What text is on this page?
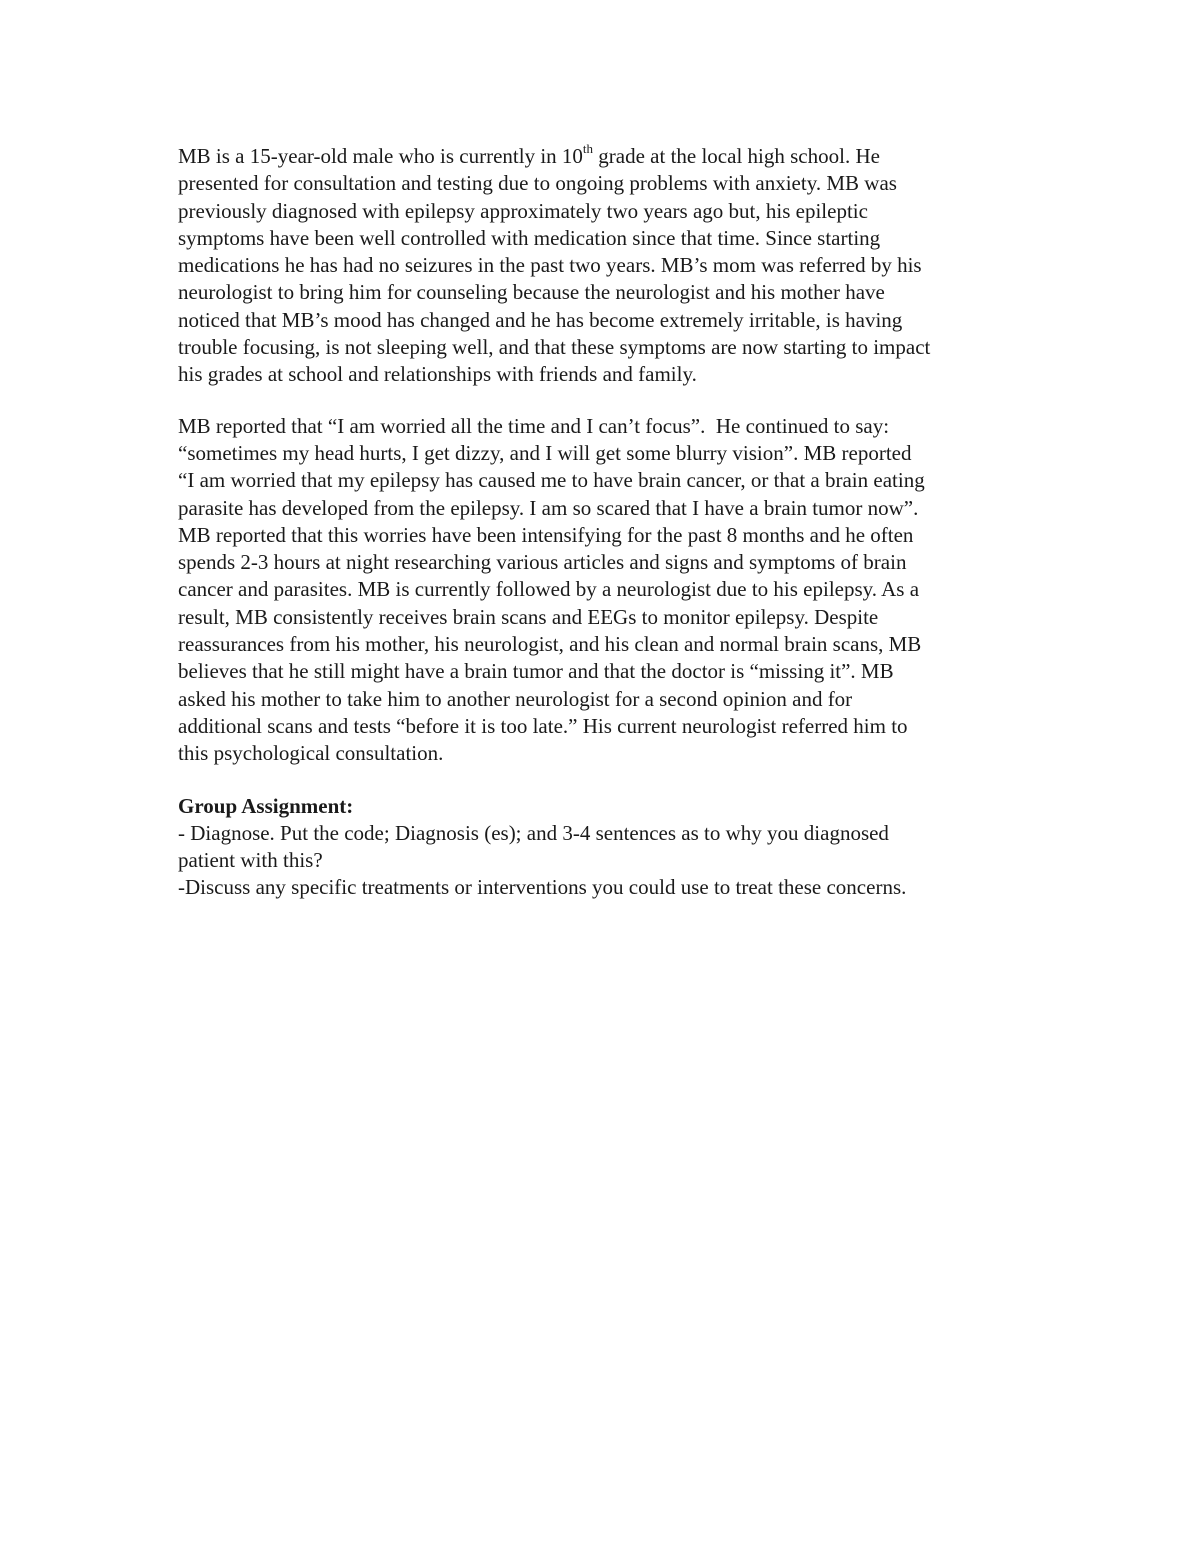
MB is a 15-year-old male who is currently in 10th grade at the local high school. He
presented for consultation and testing due to ongoing problems with anxiety. MB was
previously diagnosed with epilepsy approximately two years ago but, his epileptic
symptoms have been well controlled with medication since that time. Since starting
medications he has had no seizures in the past two years. MB’s mom was referred by his
neurologist to bring him for counseling because the neurologist and his mother have
noticed that MB’s mood has changed and he has become extremely irritable, is having
trouble focusing, is not sleeping well, and that these symptoms are now starting to impact
his grades at school and relationships with friends and family.
MB reported that “I am worried all the time and I can’t focus”.  He continued to say:
“sometimes my head hurts, I get dizzy, and I will get some blurry vision”. MB reported
“I am worried that my epilepsy has caused me to have brain cancer, or that a brain eating
parasite has developed from the epilepsy. I am so scared that I have a brain tumor now”.
MB reported that this worries have been intensifying for the past 8 months and he often
spends 2-3 hours at night researching various articles and signs and symptoms of brain
cancer and parasites. MB is currently followed by a neurologist due to his epilepsy. As a
result, MB consistently receives brain scans and EEGs to monitor epilepsy. Despite
reassurances from his mother, his neurologist, and his clean and normal brain scans, MB
believes that he still might have a brain tumor and that the doctor is “missing it”. MB
asked his mother to take him to another neurologist for a second opinion and for
additional scans and tests “before it is too late.” His current neurologist referred him to
this psychological consultation.
Group Assignment:
- Diagnose. Put the code; Diagnosis (es); and 3-4 sentences as to why you diagnosed
patient with this?
-Discuss any specific treatments or interventions you could use to treat these concerns.
